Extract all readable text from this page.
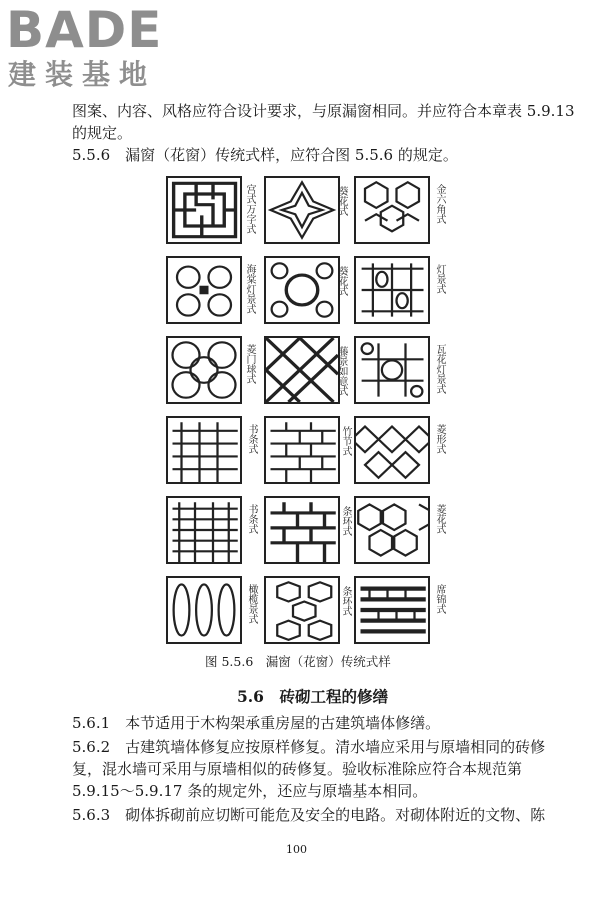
BADE
建装基地
图案、内容、风格应符合设计要求，与原漏窗相同。并应符合本章表 5.9.13
的规定。
5.5.6　漏窗（花窗）传统式样，应符合图 5.5.6 的规定。
宫式万字式	葵花式	金六角式
海棠灯景式	葵花式	灯景式
菱门球式	藤景如意式	瓦花灯景式
书条式	竹节式	菱形式
书条式	条环式	菱花式
橄榄景式	条环式	席锦式
图 5.5.6　漏窗（花窗）传统式样
5.6　砖砌工程的修缮
5.6.1　本节适用于木构架承重房屋的古建筑墙体修缮。
5.6.2　古建筑墙体修复应按原样修复。清水墙应采用与原墙相同的砖修
复，混水墙可采用与原墙相似的砖修复。验收标准除应符合本规范第
5.9.15～5.9.17 条的规定外，还应与原墙基本相同。
5.6.3　砌体拆砌前应切断可能危及安全的电路。对砌体附近的文物、陈
100
